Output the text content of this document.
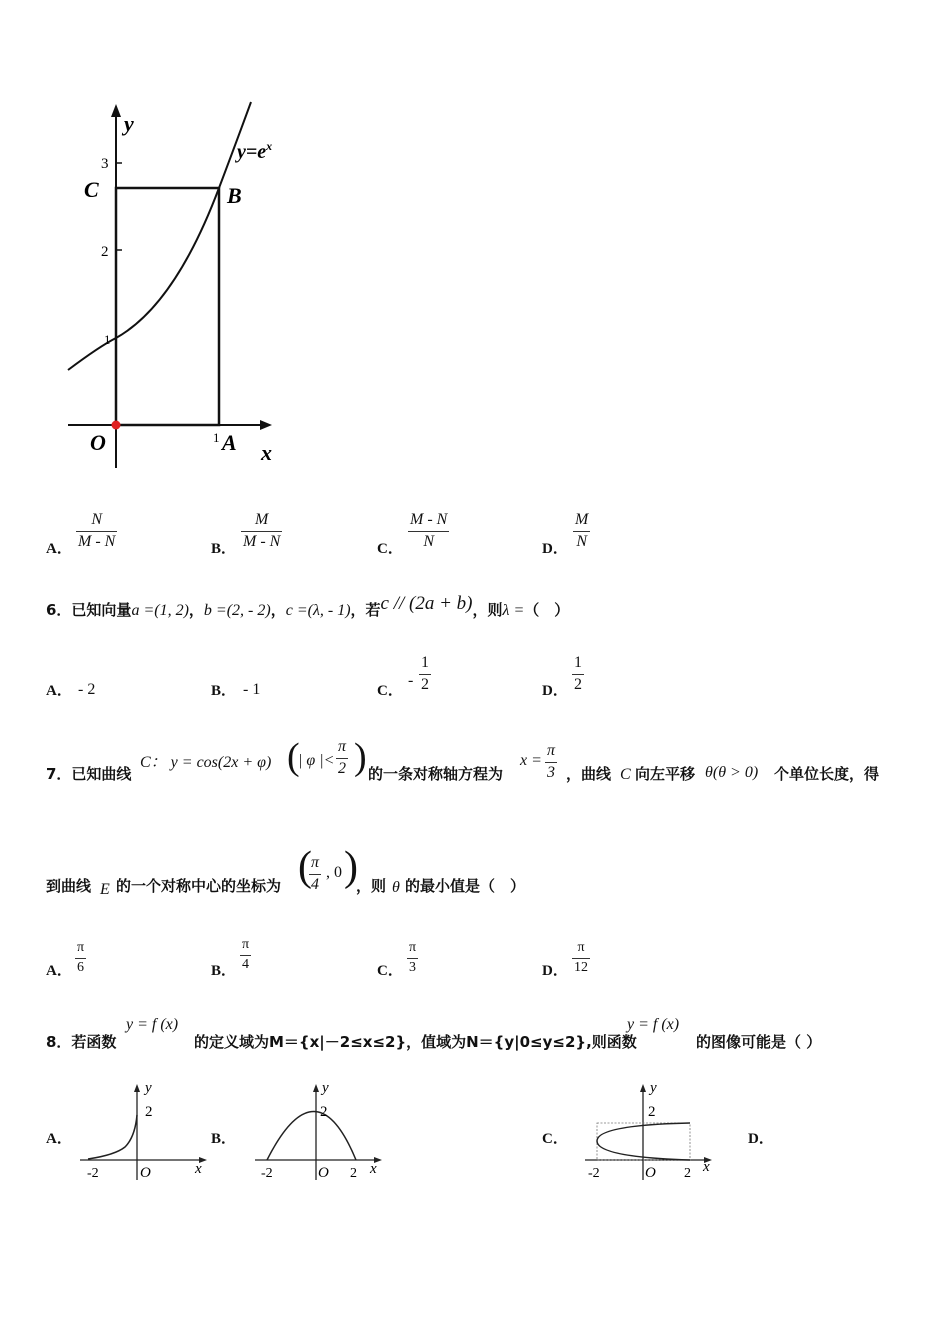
y
x
$y=e^x$
C	B
O	A
1
1
2
3
A．
N
M - N	B．
M
M - N	C．
M - N
N	D．
M
N
6．已知向量a =(1, 2)，b =(2, - 2)，c =(λ, - 1)，若c // (2a + b)，则λ =（　）
A． - 2	B． - 1	C．
-
1
2	D．
1
2
7．已知曲线
C： y = cos(2x + φ) (
| φ |<
π
2 ) 的一条对称轴方程为
x =
π
3 ，曲线 C 向左平移 θ(θ > 0) 个单位长度，得
到曲线 E 的一个对称中心的坐标为 ( π
4
, 0 )
，则 θ 的最小值是（　）
A．
π
6	B．
π
4	C．
π
3	D．
π
12
8．若函数
y = f (x)
的定义域为M＝{x|－2≤x≤2}，值域为N＝{y|0≤y≤2},则函数
y = f (x)
的图像可能是（ ）
A．	B．	C．	D．
y
2
-2	O	x
y
2
-2	O 2 x
y
2
-2	O 2 x
